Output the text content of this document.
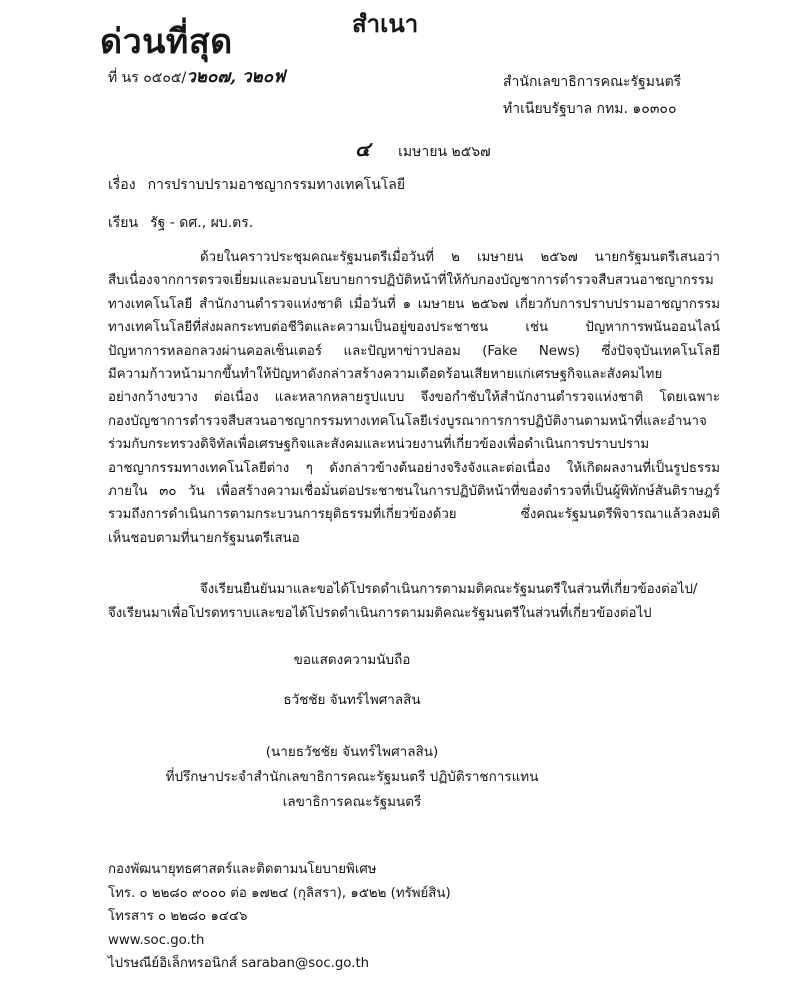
ด่วนที่สุด	สำเนา
ที่ นร ๐๕๐๕/ว๒๐๗, ว๒๐ฟ	สำนักเลขาธิการคณะรัฐมนตรี
ทำเนียบรัฐบาล กทม. ๑๐๓๐๐
๔ เมษายน ๒๕๖๗
เรื่อง การปราบปรามอาชญากรรมทางเทคโนโลยี
เรียน รัฐ - ดศ., ผบ.ตร.
ด้วยในคราวประชุมคณะรัฐมนตรีเมื่อวันที่ ๒ เมษายน ๒๕๖๗ นายกรัฐมนตรีเสนอว่า
สืบเนื่องจากการตรวจเยี่ยมและมอบนโยบายการปฏิบัติหน้าที่ให้กับกองบัญชาการตำรวจสืบสวนอาชญากรรม
ทางเทคโนโลยี สำนักงานตำรวจแห่งชาติ เมื่อวันที่ ๑ เมษายน ๒๕๖๗ เกี่ยวกับการปราบปรามอาชญากรรม
ทางเทคโนโลยีที่ส่งผลกระทบต่อชีวิตและความเป็นอยู่ของประชาชน เช่น ปัญหาการพนันออนไลน์
ปัญหาการหลอกลวงผ่านคอลเซ็นเตอร์ และปัญหาข่าวปลอม (Fake News) ซึ่งปัจจุบันเทคโนโลยี
มีความก้าวหน้ามากขึ้นทำให้ปัญหาดังกล่าวสร้างความเดือดร้อนเสียหายแก่เศรษฐกิจและสังคมไทย
อย่างกว้างขวาง ต่อเนื่อง และหลากหลายรูปแบบ จึงขอกำชับให้สำนักงานตำรวจแห่งชาติ โดยเฉพาะ
กองบัญชาการตำรวจสืบสวนอาชญากรรมทางเทคโนโลยีเร่งบูรณาการการปฏิบัติงานตามหน้าที่และอำนาจ
ร่วมกับกระทรวงดิจิทัลเพื่อเศรษฐกิจและสังคมและหน่วยงานที่เกี่ยวข้องเพื่อดำเนินการปราบปราม
อาชญากรรมทางเทคโนโลยีต่าง ๆ ดังกล่าวข้างต้นอย่างจริงจังและต่อเนื่อง ให้เกิดผลงานที่เป็นรูปธรรม
ภายใน ๓๐ วัน เพื่อสร้างความเชื่อมั่นต่อประชาชนในการปฏิบัติหน้าที่ของตำรวจที่เป็นผู้พิทักษ์สันติราษฎร์
รวมถึงการดำเนินการตามกระบวนการยุติธรรมที่เกี่ยวข้องด้วย ซึ่งคณะรัฐมนตรีพิจารณาแล้วลงมติ
เห็นชอบตามที่นายกรัฐมนตรีเสนอ
จึงเรียนยืนยันมาและขอได้โปรดดำเนินการตามมติคณะรัฐมนตรีในส่วนที่เกี่ยวข้องต่อไป/
จึงเรียนมาเพื่อโปรดทราบและขอได้โปรดดำเนินการตามมติคณะรัฐมนตรีในส่วนที่เกี่ยวข้องต่อไป
ขอแสดงความนับถือ
ธวัชชัย จันทร์ไพศาลสิน
(นายธวัชชัย จันทร์ไพศาลสิน)
ที่ปรึกษาประจำสำนักเลขาธิการคณะรัฐมนตรี ปฏิบัติราชการแทน
เลขาธิการคณะรัฐมนตรี
กองพัฒนายุทธศาสตร์และติดตามนโยบายพิเศษ
โทร. ๐ ๒๒๘๐ ๙๐๐๐ ต่อ ๑๗๒๔ (กุลิสรา), ๑๕๒๒ (ทรัพย์สิน)
โทรสาร ๐ ๒๒๘๐ ๑๔๔๖
www.soc.go.th
ไปรษณีย์อิเล็กทรอนิกส์ saraban@soc.go.th
